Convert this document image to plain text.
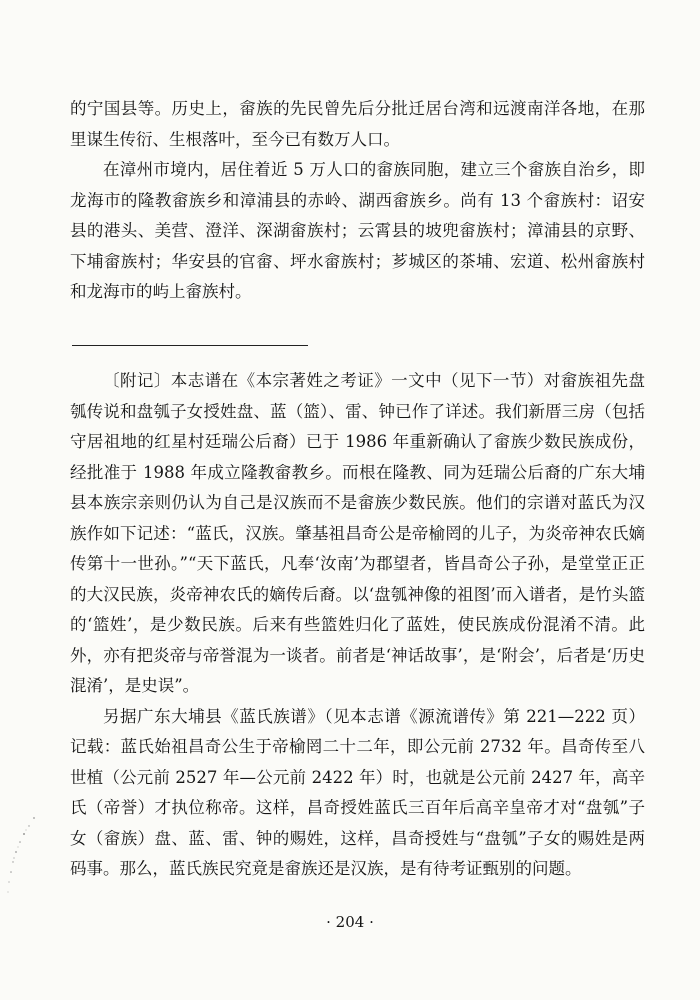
的宁国县等。历史上，畲族的先民曾先后分批迁居台湾和远渡南洋各地，在那里谋生传衍、生根落叶，至今已有数万人口。

在漳州市境内，居住着近 5 万人口的畲族同胞，建立三个畲族自治乡，即龙海市的隆教畲族乡和漳浦县的赤岭、湖西畲族乡。尚有 13 个畲族村：诏安县的港头、美营、澄洋、深湖畲族村；云霄县的坡兜畲族村；漳浦县的京野、下埔畲族村；华安县的官畲、坪水畲族村；芗城区的茶埔、宏道、松州畲族村和龙海市的屿上畲族村。

〔附记〕本志谱在《本宗著姓之考证》一文中（见下一节）对畲族祖先盘瓠传说和盘瓠子女授姓盘、蓝（篮）、雷、钟已作了详述。我们新厝三房（包括守居祖地的红星村廷瑞公后裔）已于 1986 年重新确认了畲族少数民族成份，经批准于 1988 年成立隆教畲教乡。而根在隆教、同为廷瑞公后裔的广东大埔县本族宗亲则仍认为自己是汉族而不是畲族少数民族。他们的宗谱对蓝氏为汉族作如下记述：“蓝氏，汉族。肇基祖昌奇公是帝榆罔的儿子，为炎帝神农氏嫡传第十一世孙。”“天下蓝氏，凡奉‘汝南’为郡望者，皆昌奇公子孙，是堂堂正正的大汉民族，炎帝神农氏的嫡传后裔。以‘盘瓠神像的祖图’而入谱者，是竹头篮的‘篮姓’，是少数民族。后来有些篮姓归化了蓝姓，使民族成份混淆不清。此外，亦有把炎帝与帝誉混为一谈者。前者是‘神话故事’，是‘附会’，后者是‘历史混淆’，是史误”。

另据广东大埔县《蓝氏族谱》（见本志谱《源流谱传》第 221—222 页）记载：蓝氏始祖昌奇公生于帝榆罔二十二年，即公元前 2732 年。昌奇传至八世植（公元前 2527 年—公元前 2422 年）时，也就是公元前 2427 年，高辛氏（帝誉）才执位称帝。这样，昌奇授姓蓝氏三百年后高辛皇帝才对“盘瓠”子女（畲族）盘、蓝、雷、钟的赐姓，这样，昌奇授姓与“盘瓠”子女的赐姓是两码事。那么，蓝氏族民究竟是畲族还是汉族，是有待考证甄别的问题。

· 204 ·
